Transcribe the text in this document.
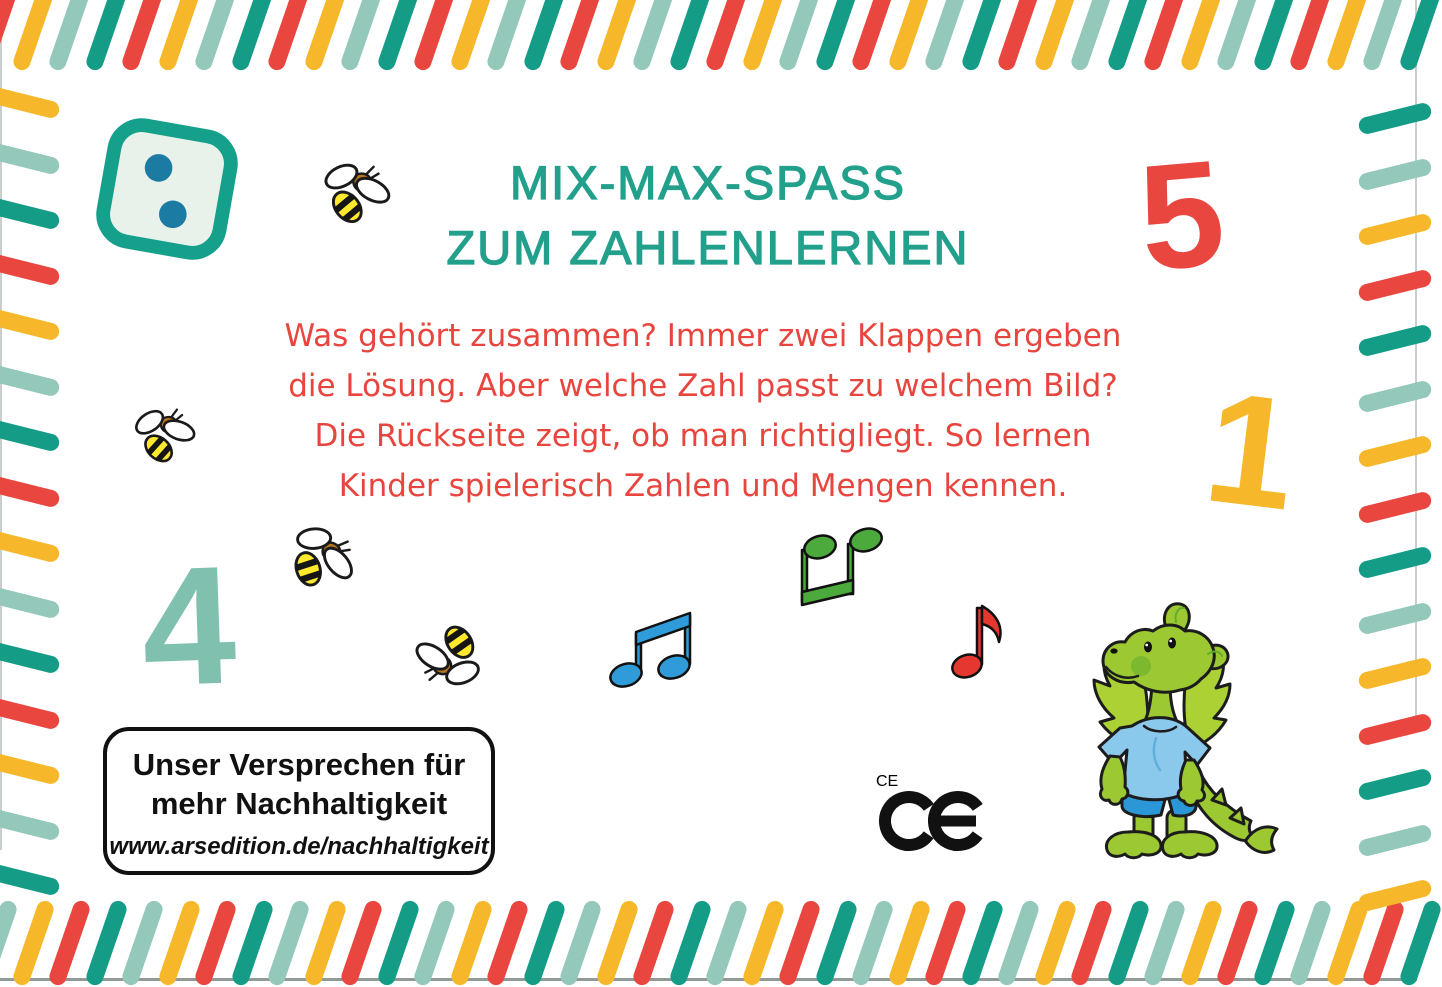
MIX-MAX-SPASS
ZUM ZAHLENLERNEN
Was gehört zusammen? Immer zwei Klappen ergeben
die Lösung. Aber welche Zahl passt zu welchem Bild?
Die Rückseite zeigt, ob man richtigliegt. So lernen
Kinder spielerisch Zahlen und Mengen kennen.
5
1
4
CE
Unser Versprechen für
mehr Nachhaltigkeit
www.arsedition.de/nachhaltigkeit
